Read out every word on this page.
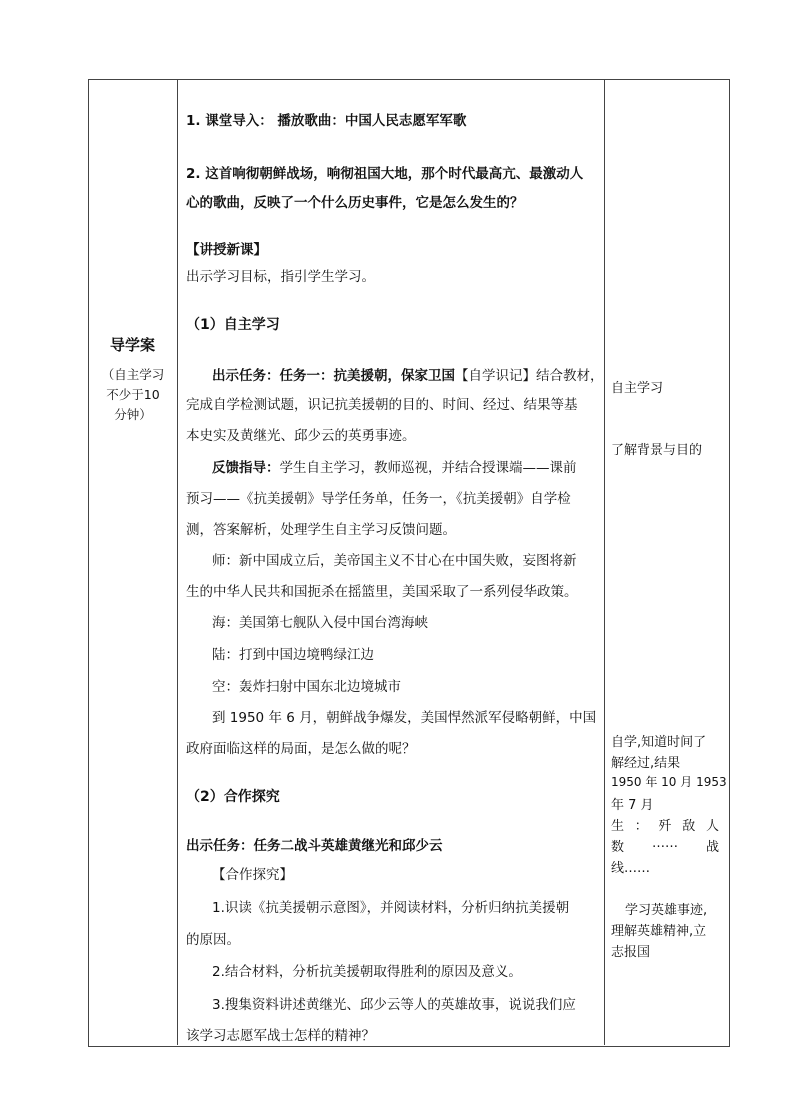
导学案
（自主学习
不少于10
分钟）
1. 课堂导入： 播放歌曲：中国人民志愿军军歌
2. 这首响彻朝鲜战场，响彻祖国大地，那个时代最高亢、最激动人
心的歌曲，反映了一个什么历史事件，它是怎么发生的？
【讲授新课】
出示学习目标，指引学生学习。
（1）自主学习
出示任务：任务一：抗美援朝，保家卫国【自学识记】结合教材，
完成自学检测试题，识记抗美援朝的目的、时间、经过、结果等基
本史实及黄继光、邱少云的英勇事迹。
反馈指导：学生自主学习，教师巡视，并结合授课端——课前
预习——《抗美援朝》导学任务单，任务一，《抗美援朝》自学检
测，答案解析，处理学生自主学习反馈问题。
师：新中国成立后，美帝国主义不甘心在中国失败，妄图将新
生的中华人民共和国扼杀在摇篮里，美国采取了一系列侵华政策。
海：美国第七舰队入侵中国台湾海峡
陆：打到中国边境鸭绿江边
空：轰炸扫射中国东北边境城市
到 1950 年 6 月，朝鲜战争爆发，美国悍然派军侵略朝鲜，中国
政府面临这样的局面，是怎么做的呢？
（2）合作探究
出示任务：任务二战斗英雄黄继光和邱少云
【合作探究】
1.识读《抗美援朝示意图》，并阅读材料，分析归纳抗美援朝
的原因。
2.结合材料，分析抗美援朝取得胜利的原因及意义。
3.搜集资料讲述黄继光、邱少云等人的英雄故事，说说我们应
该学习志愿军战士怎样的精神？
自主学习
了解背景与目的
自学,知道时间了
解经过,结果
1950 年 10 月 1953
年 7 月
生 ： 歼 敌 人
数 …… 战
线……
学习英雄事迹,
理解英雄精神,立
志报国
